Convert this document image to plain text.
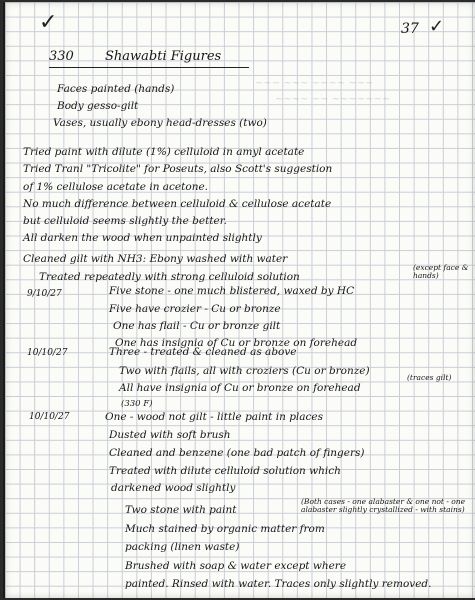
~~~ ~~~ ~~~~ ~~~
~~~~ ~~ ~~~~~~~
✓	37 ✓
330 Shawabti Figures
Faces painted (hands)
Body gesso-gilt
Vases, usually ebony head-dresses (two)
Tried paint with dilute (1%) celluloid in amyl acetate
Tried Tranl "Tricolite" for Poseuts, also Scott's suggestion
of 1% cellulose acetate in acetone.
No much difference between celluloid & cellulose acetate
but celluloid seems slightly the better.
All darken the wood when unpainted slightly
Cleaned gilt with NH3: Ebony washed with water
Treated repeatedly with strong celluloid solution
(except face & hands)
9/10/27	Five stone - one much blistered, waxed by HC
Five have crozier - Cu or bronze
One has flail - Cu or bronze gilt
One has insignia of Cu or bronze on forehead
10/10/27	Three - treated & cleaned as above
Two with flails, all with croziers (Cu or bronze)
(traces gilt)
All have insignia of Cu or bronze on forehead
(330 F)
10/10/27	One - wood not gilt - little paint in places
Dusted with soft brush
Cleaned and benzene (one bad patch of fingers)
Treated with dilute celluloid solution which
darkened wood slightly
Two stone with paint
(Both cases - one alabaster & one not - one alabaster slightly crystallized - with stains)
Much stained by organic matter from
packing (linen waste)
Brushed with soap & water except where
painted. Rinsed with water. Traces only slightly removed.
